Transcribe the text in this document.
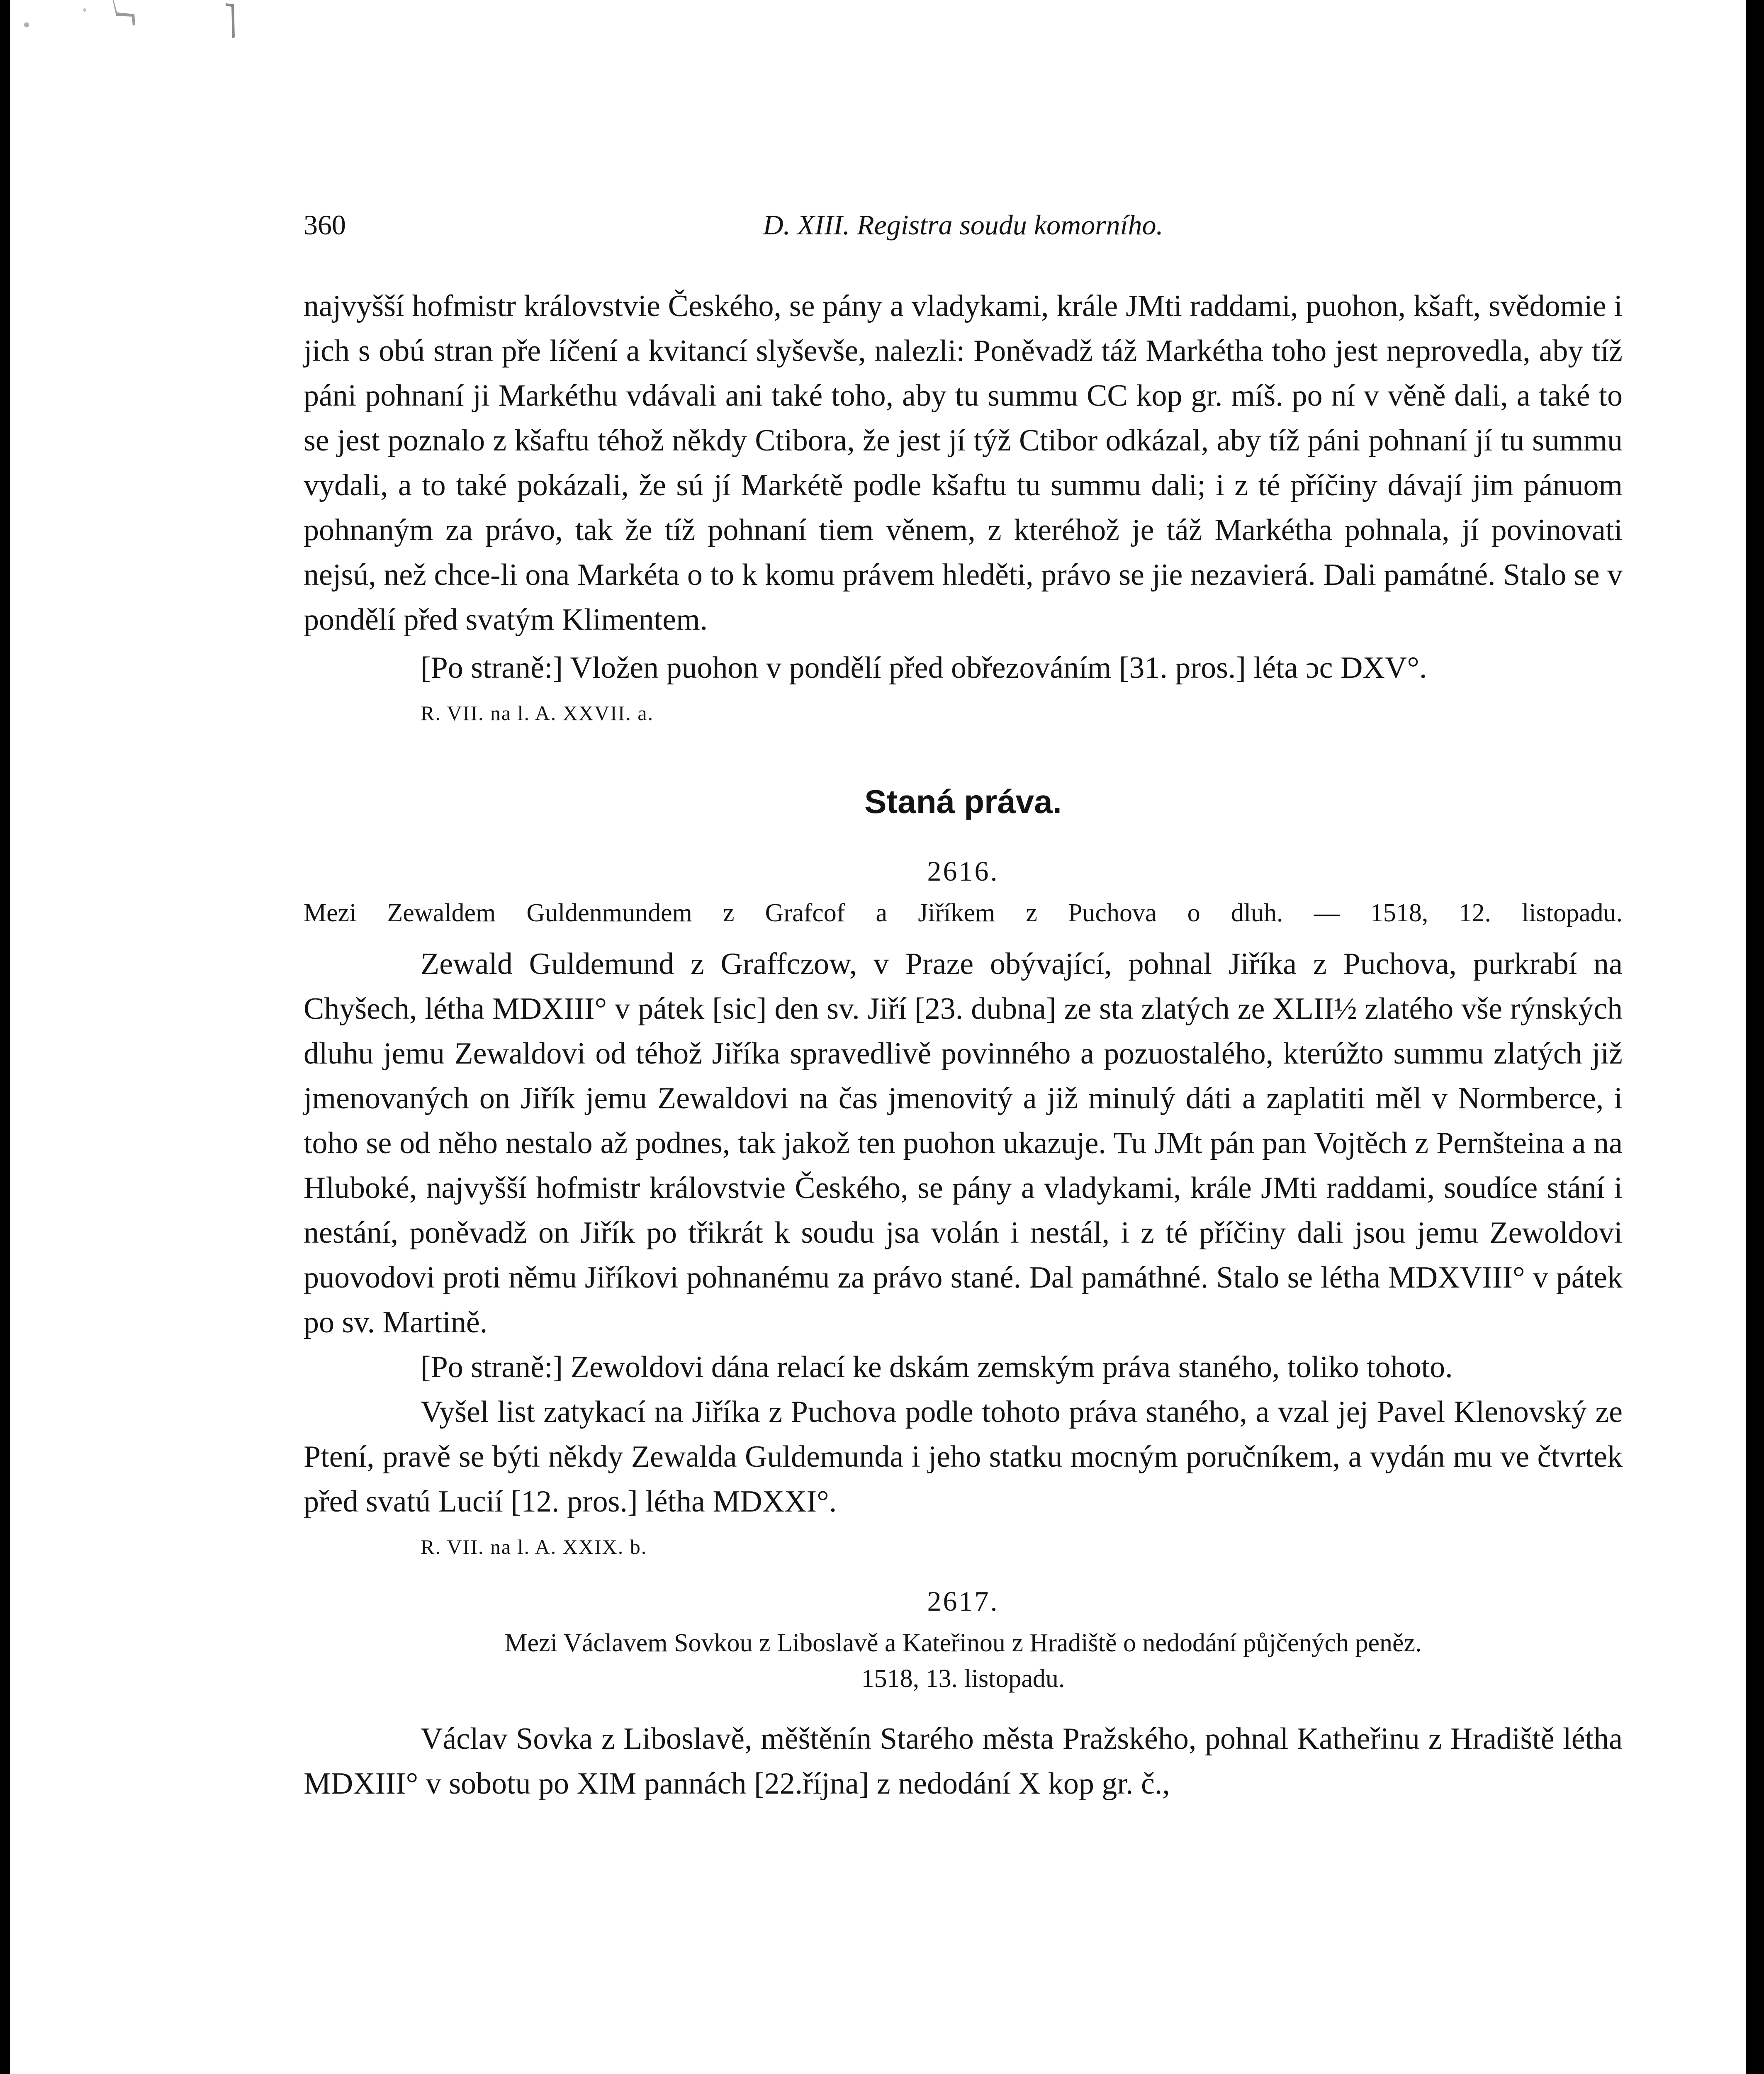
360	D. XIII. Registra soudu komorního.

najvyšší hofmistr královstvie Českého, se pány a vladykami, krále JMti raddami, puohon, kšaft, svědomie i jich s obú stran pře líčení a kvitancí slyševše, nalezli: Poněvadž táž Markétha toho jest neprovedla, aby tíž páni pohnaní ji Markéthu vdávali ani také toho, aby tu summu CC kop gr. míš. po ní v věně dali, a také to se jest poznalo z kšaftu téhož někdy Ctibora, že jest jí týž Ctibor odkázal, aby tíž páni pohnaní jí tu summu vydali, a to také pokázali, že sú jí Markétě podle kšaftu tu summu dali; i z té příčiny dávají jim pánuom pohnaným za právo, tak že tíž pohnaní tiem věnem, z kteréhož je táž Markétha pohnala, jí povinovati nejsú, než chce-li ona Markéta o to k komu právem hleděti, právo se jie nezavierá. Dali památné. Stalo se v pondělí před svatým Klimentem.

[Po straně:] Vložen puohon v pondělí před obřezováním [31. pros.] léta ɔc DXV°.

R. VII. na l. A. XXVII. a.

Staná práva.

2616.

Mezi Zewaldem Guldenmundem z Grafcof a Jiříkem z Puchova o dluh. — 1518, 12. listopadu.

Zewald Guldemund z Graffczow, v Praze obývající, pohnal Jiříka z Puchova, purkrabí na Chyšech, létha MDXIII° v pátek [sic] den sv. Jiří [23. dubna] ze sta zlatých ze XLII½ zlatého vše rýnských dluhu jemu Zewaldovi od téhož Jiříka spravedlivě povinného a pozuostalého, kterúžto summu zlatých již jmenovaných on Jiřík jemu Zewaldovi na čas jmenovitý a již minulý dáti a zaplatiti měl v Normberce, i toho se od něho nestalo až podnes, tak jakož ten puohon ukazuje. Tu JMt pán pan Vojtěch z Pernšteina a na Hluboké, najvyšší hofmistr královstvie Českého, se pány a vladykami, krále JMti raddami, soudíce stání i nestání, poněvadž on Jiřík po třikrát k soudu jsa volán i nestál, i z té příčiny dali jsou jemu Zewoldovi puovodovi proti němu Jiříkovi pohnanému za právo stané. Dal památhné. Stalo se létha MDXVIII° v pátek po sv. Martině.

[Po straně:] Zewoldovi dána relací ke dskám zemským práva staného, toliko tohoto.

Vyšel list zatykací na Jiříka z Puchova podle tohoto práva staného, a vzal jej Pavel Klenovský ze Ptení, pravě se býti někdy Zewalda Guldemunda i jeho statku mocným poručníkem, a vydán mu ve čtvrtek před svatú Lucií [12. pros.] létha MDXXI°.

R. VII. na l. A. XXIX. b.

2617.

Mezi Václavem Sovkou z Liboslavě a Kateřinou z Hradiště o nedodání půjčených peněz.

1518, 13. listopadu.

Václav Sovka z Liboslavě, měštěnín Starého města Pražského, pohnal Katheřinu z Hradiště létha MDXIII° v sobotu po XIM pannách [22.října] z nedodání X kop gr. č.,
